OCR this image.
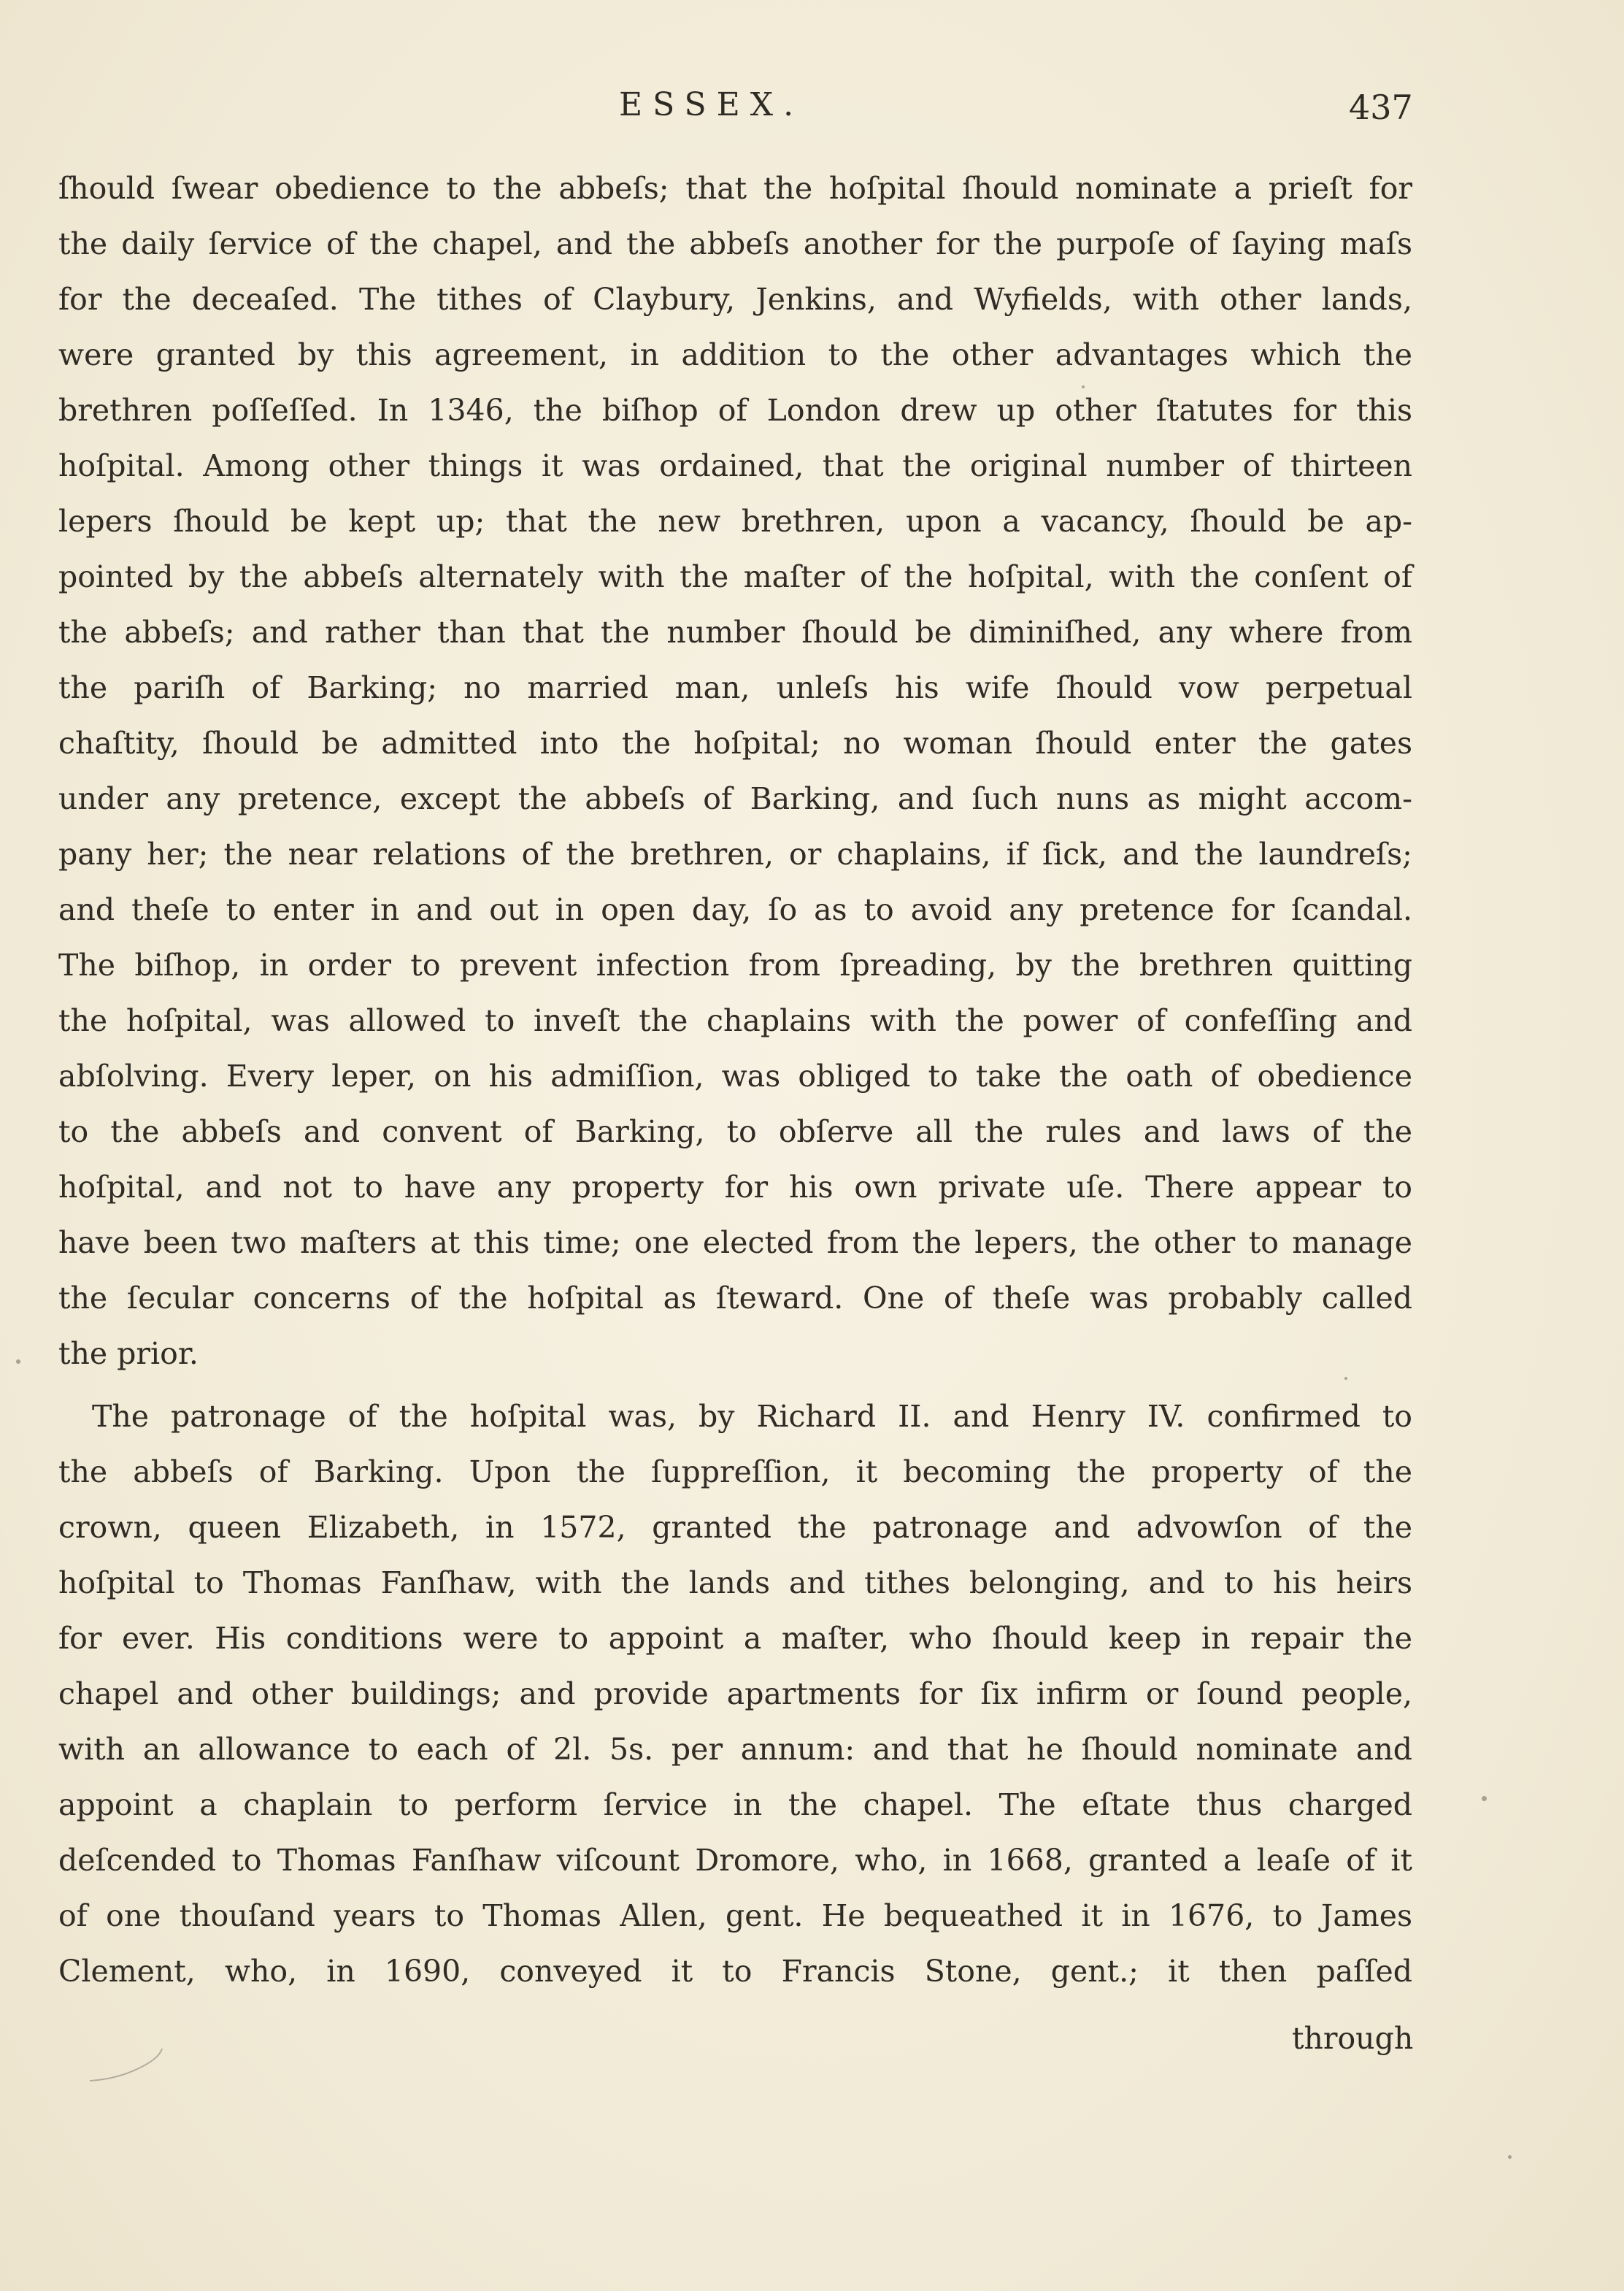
ESSEX.	437
ſhould ſwear obedience to the abbeſs; that the hoſpital ſhould nominate a prieſt for
the daily ſervice of the chapel, and the abbeſs another for the purpoſe of ſaying maſs
for the deceaſed. The tithes of Claybury, Jenkins, and Wyfields, with other lands,
were granted by this agreement, in addition to the other advantages which the
brethren poſſeſſed. In 1346, the biſhop of London drew up other ſtatutes for this
hoſpital. Among other things it was ordained, that the original number of thirteen
lepers ſhould be kept up; that the new brethren, upon a vacancy, ſhould be ap-
pointed by the abbeſs alternately with the maſter of the hoſpital, with the conſent of
the abbeſs; and rather than that the number ſhould be diminiſhed, any where from
the pariſh of Barking; no married man, unleſs his wife ſhould vow perpetual
chaſtity, ſhould be admitted into the hoſpital; no woman ſhould enter the gates
under any pretence, except the abbeſs of Barking, and ſuch nuns as might accom-
pany her; the near relations of the brethren, or chaplains, if ſick, and the laundreſs;
and theſe to enter in and out in open day, ſo as to avoid any pretence for ſcandal.
The biſhop, in order to prevent infection from ſpreading, by the brethren quitting
the hoſpital, was allowed to inveſt the chaplains with the power of confeſſing and
abſolving. Every leper, on his admiſſion, was obliged to take the oath of obedience
to the abbeſs and convent of Barking, to obſerve all the rules and laws of the
hoſpital, and not to have any property for his own private uſe. There appear to
have been two maſters at this time; one elected from the lepers, the other to manage
the ſecular concerns of the hoſpital as ſteward. One of theſe was probably called
the prior.
The patronage of the hoſpital was, by Richard II. and Henry IV. confirmed to
the abbeſs of Barking. Upon the ſuppreſſion, it becoming the property of the
crown, queen Elizabeth, in 1572, granted the patronage and advowſon of the
hoſpital to Thomas Fanſhaw, with the lands and tithes belonging, and to his heirs
for ever. His conditions were to appoint a maſter, who ſhould keep in repair the
chapel and other buildings; and provide apartments for ſix infirm or ſound people,
with an allowance to each of 2l. 5s. per annum: and that he ſhould nominate and
appoint a chaplain to perform ſervice in the chapel. The eſtate thus charged
deſcended to Thomas Fanſhaw viſcount Dromore, who, in 1668, granted a leaſe of it
of one thouſand years to Thomas Allen, gent. He bequeathed it in 1676, to James
Clement, who, in 1690, conveyed it to Francis Stone, gent.; it then paſſed
through
